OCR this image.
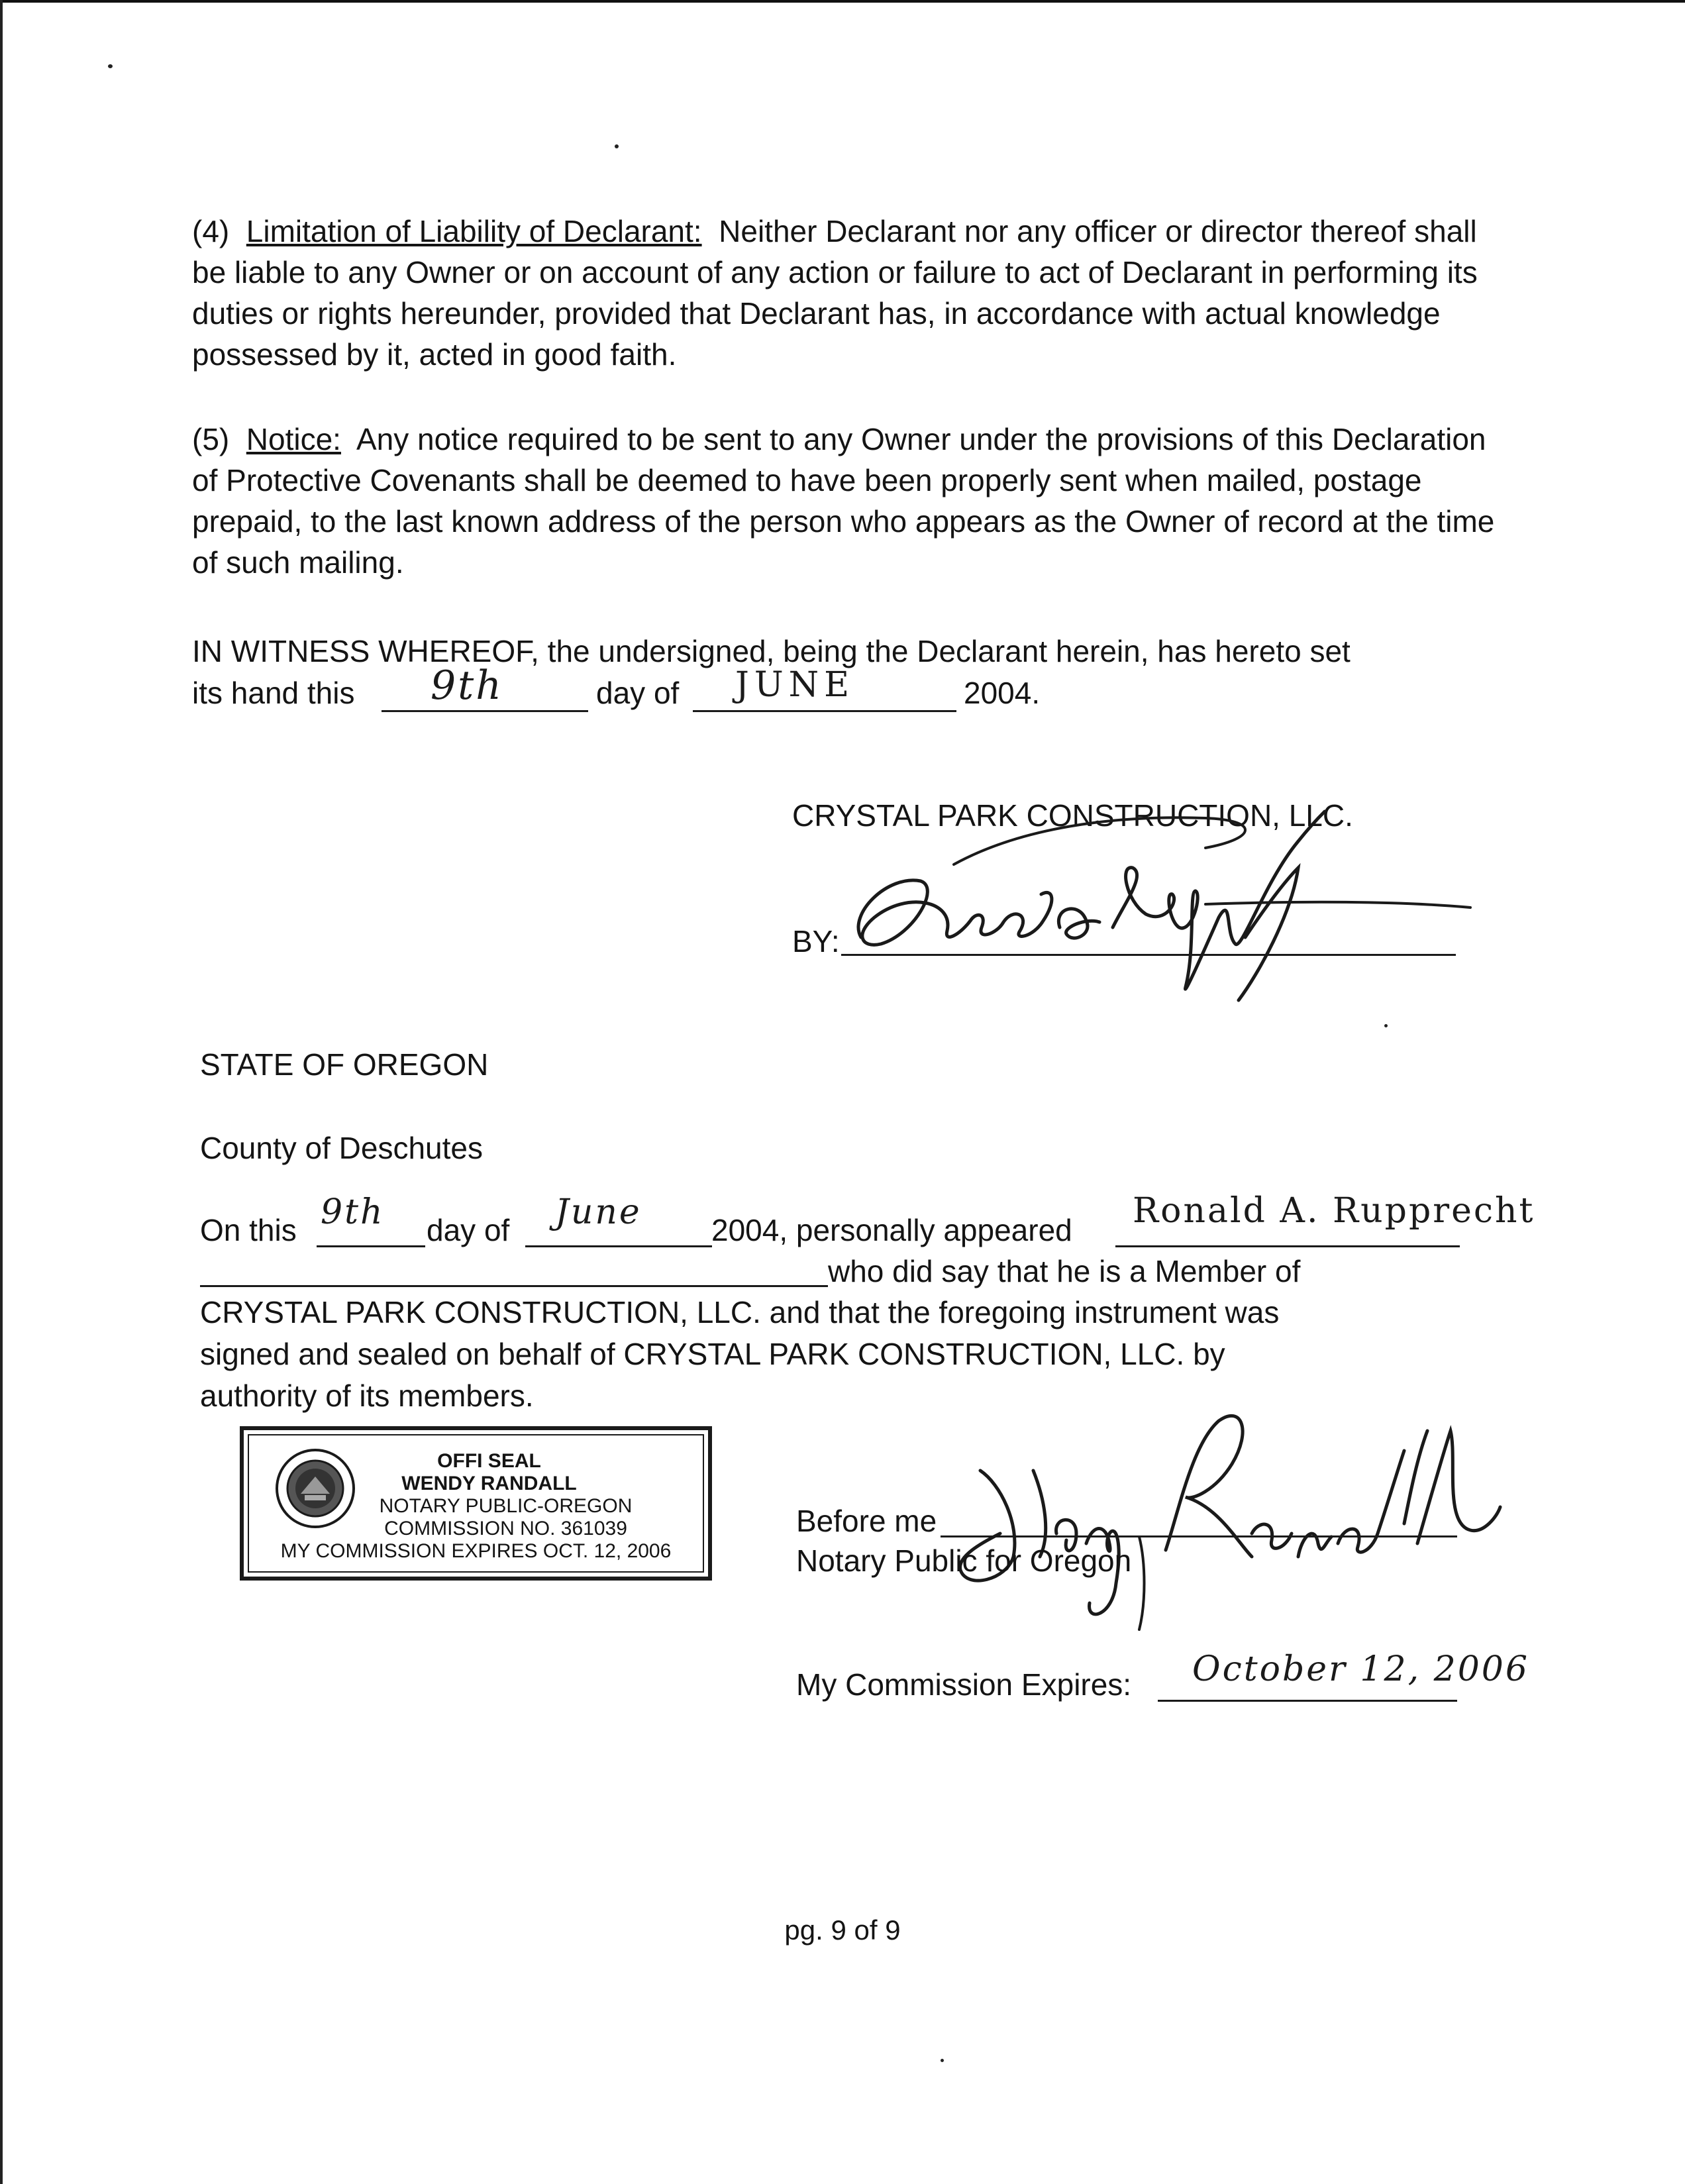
(4) Limitation of Liability of Declarant: Neither Declarant nor any officer or director thereof shall be liable to any Owner or on account of any action or failure to act of Declarant in performing its duties or rights hereunder, provided that Declarant has, in accordance with actual knowledge possessed by it, acted in good faith.
(5) Notice: Any notice required to be sent to any Owner under the provisions of this Declaration of Protective Covenants shall be deemed to have been properly sent when mailed, postage prepaid, to the last known address of the person who appears as the Owner of record at the time of such mailing.
IN WITNESS WHEREOF, the undersigned, being the Declarant herein, has hereto set
its hand this 9th	day of JUNE	2004.
CRYSTAL PARK CONSTRUCTION, LLC.
BY:
STATE OF OREGON
County of Deschutes
On this 9th day of June 2004, personally appeared Ronald A. Rupprecht
who did say that he is a Member of
CRYSTAL PARK CONSTRUCTION, LLC. and that the foregoing instrument was
signed and sealed on behalf of CRYSTAL PARK CONSTRUCTION, LLC. by
authority of its members.
OFFI SEAL
WENDY RANDALL
NOTARY PUBLIC-OREGON
COMMISSION NO. 361039
MY COMMISSION EXPIRES OCT. 12, 2006
Before me
Notary Public for Oregon
My Commission Expires: October 12, 2006
pg. 9 of 9
